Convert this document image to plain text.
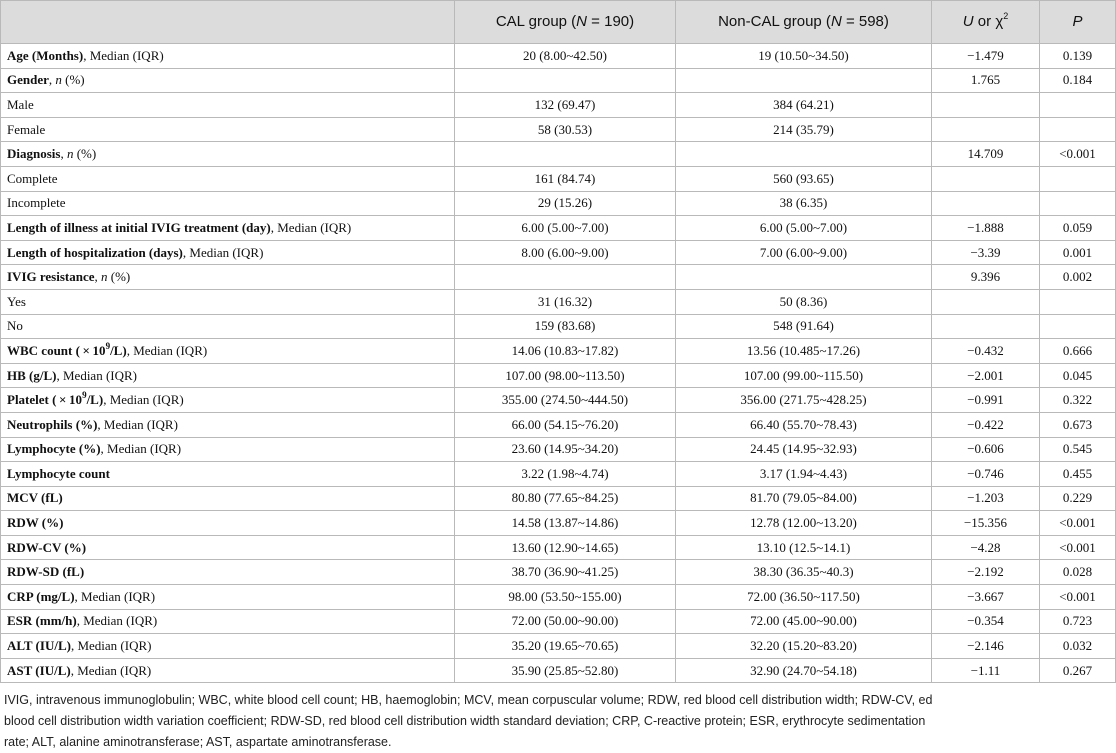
	CAL group (N = 190)	Non-CAL group (N = 598)	U or $\chi^2$	P
Age (Months), Median (IQR)	20 (8.00~42.50)	19 (10.50~34.50)	−1.479	0.139
Gender, n (%)			1.765	0.184
Male	132 (69.47)	384 (64.21)		
Female	58 (30.53)	214 (35.79)		
Diagnosis, n (%)			14.709	<0.001
Complete	161 (84.74)	560 (93.65)		
Incomplete	29 (15.26)	38 (6.35)		
Length of illness at initial IVIG treatment (day), Median (IQR)	6.00 (5.00~7.00)	6.00 (5.00~7.00)	−1.888	0.059
Length of hospitalization (days), Median (IQR)	8.00 (6.00~9.00)	7.00 (6.00~9.00)	−3.39	0.001
IVIG resistance, n (%)			9.396	0.002
Yes	31 (16.32)	50 (8.36)		
No	159 (83.68)	548 (91.64)		
WBC count ( × $10^9/L$), Median (IQR)	14.06 (10.83~17.82)	13.56 (10.485~17.26)	−0.432	0.666
HB (g/L), Median (IQR)	107.00 (98.00~113.50)	107.00 (99.00~115.50)	−2.001	0.045
Platelet ( × $10^9/L$), Median (IQR)	355.00 (274.50~444.50)	356.00 (271.75~428.25)	−0.991	0.322
Neutrophils (%), Median (IQR)	66.00 (54.15~76.20)	66.40 (55.70~78.43)	−0.422	0.673
Lymphocyte (%), Median (IQR)	23.60 (14.95~34.20)	24.45 (14.95~32.93)	−0.606	0.545
Lymphocyte count	3.22 (1.98~4.74)	3.17 (1.94~4.43)	−0.746	0.455
MCV (fL)	80.80 (77.65~84.25)	81.70 (79.05~84.00)	−1.203	0.229
RDW (%)	14.58 (13.87~14.86)	12.78 (12.00~13.20)	−15.356	<0.001
RDW-CV (%)	13.60 (12.90~14.65)	13.10 (12.5~14.1)	−4.28	<0.001
RDW-SD (fL)	38.70 (36.90~41.25)	38.30 (36.35~40.3)	−2.192	0.028
CRP (mg/L), Median (IQR)	98.00 (53.50~155.00)	72.00 (36.50~117.50)	−3.667	<0.001
ESR (mm/h), Median (IQR)	72.00 (50.00~90.00)	72.00 (45.00~90.00)	−0.354	0.723
ALT (IU/L), Median (IQR)	35.20 (19.65~70.65)	32.20 (15.20~83.20)	−2.146	0.032
AST (IU/L), Median (IQR)	35.90 (25.85~52.80)	32.90 (24.70~54.18)	−1.11	0.267
IVIG, intravenous immunoglobulin; WBC, white blood cell count; HB, haemoglobin; MCV, mean corpuscular volume; RDW, red blood cell distribution width; RDW-CV, ed
blood cell distribution width variation coefficient; RDW-SD, red blood cell distribution width standard deviation; CRP, C-reactive protein; ESR, erythrocyte sedimentation
rate; ALT, alanine aminotransferase; AST, aspartate aminotransferase.
